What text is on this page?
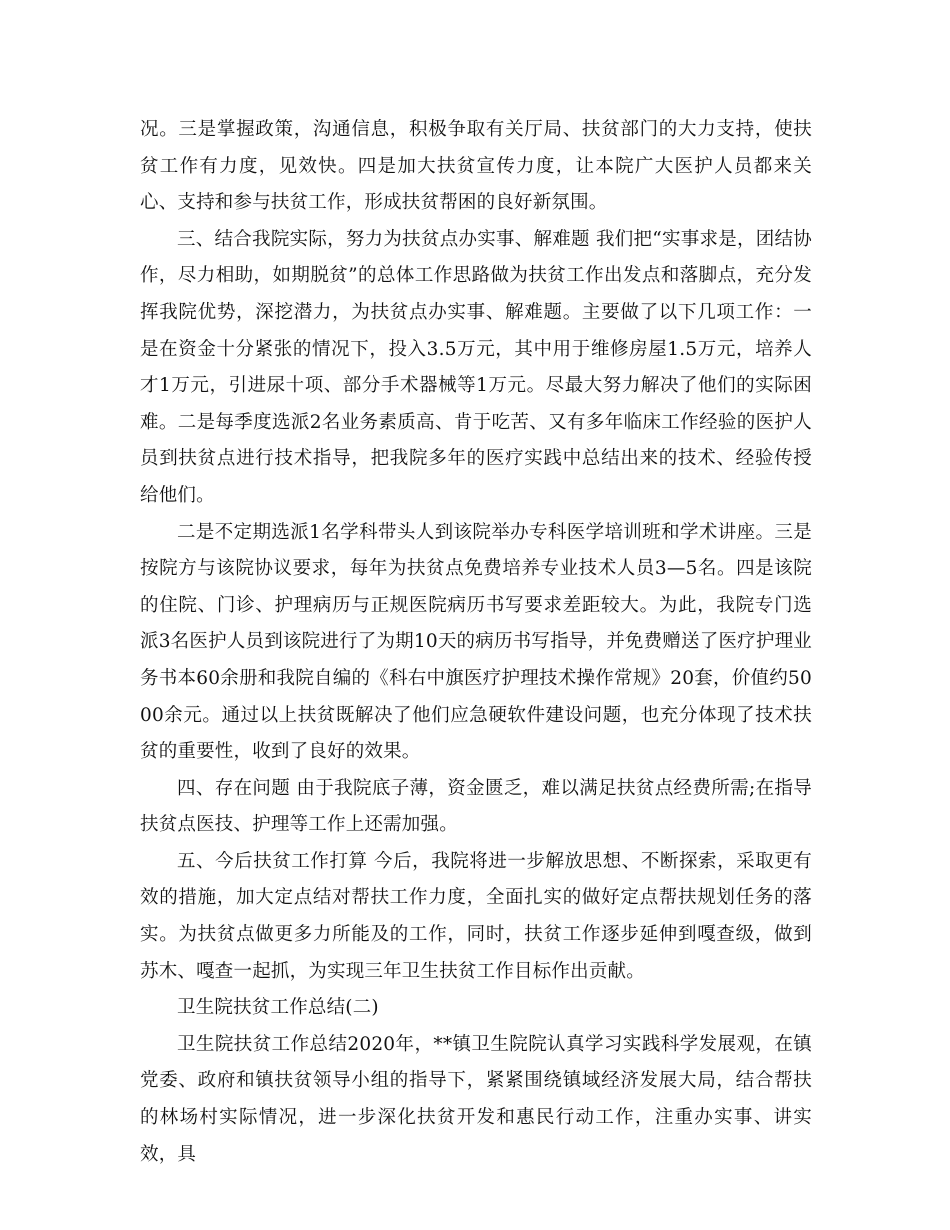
况。三是掌握政策，沟通信息，积极争取有关厅局、扶贫部门的大力支持，使扶贫工作有力度，见效快。四是加大扶贫宣传力度，让本院广大医护人员都来关心、支持和参与扶贫工作，形成扶贫帮困的良好新氛围。

三、结合我院实际，努力为扶贫点办实事、解难题 我们把“实事求是，团结协作，尽力相助，如期脱贫”的总体工作思路做为扶贫工作出发点和落脚点，充分发挥我院优势，深挖潜力，为扶贫点办实事、解难题。主要做了以下几项工作：一是在资金十分紧张的情况下，投入3.5万元，其中用于维修房屋1.5万元，培养人才1万元，引进尿十项、部分手术器械等1万元。尽最大努力解决了他们的实际困难。二是每季度选派2名业务素质高、肯于吃苦、又有多年临床工作经验的医护人员到扶贫点进行技术指导，把我院多年的医疗实践中总结出来的技术、经验传授给他们。

二是不定期选派1名学科带头人到该院举办专科医学培训班和学术讲座。三是按院方与该院协议要求，每年为扶贫点免费培养专业技术人员3—5名。四是该院的住院、门诊、护理病历与正规医院病历书写要求差距较大。为此，我院专门选派3名医护人员到该院进行了为期10天的病历书写指导，并免费赠送了医疗护理业务书本60余册和我院自编的《科右中旗医疗护理技术操作常规》20套，价值约5000余元。通过以上扶贫既解决了他们应急硬软件建设问题，也充分体现了技术扶贫的重要性，收到了良好的效果。

四、存在问题 由于我院底子薄，资金匮乏，难以满足扶贫点经费所需;在指导扶贫点医技、护理等工作上还需加强。

五、今后扶贫工作打算 今后，我院将进一步解放思想、不断探索，采取更有效的措施，加大定点结对帮扶工作力度，全面扎实的做好定点帮扶规划任务的落实。为扶贫点做更多力所能及的工作，同时，扶贫工作逐步延伸到嘎查级，做到苏木、嘎查一起抓，为实现三年卫生扶贫工作目标作出贡献。

卫生院扶贫工作总结(二)

卫生院扶贫工作总结2020年，**镇卫生院院认真学习实践科学发展观，在镇党委、政府和镇扶贫领导小组的指导下，紧紧围绕镇域经济发展大局，结合帮扶的林场村实际情况，进一步深化扶贫开发和惠民行动工作，注重办实事、讲实效，具
